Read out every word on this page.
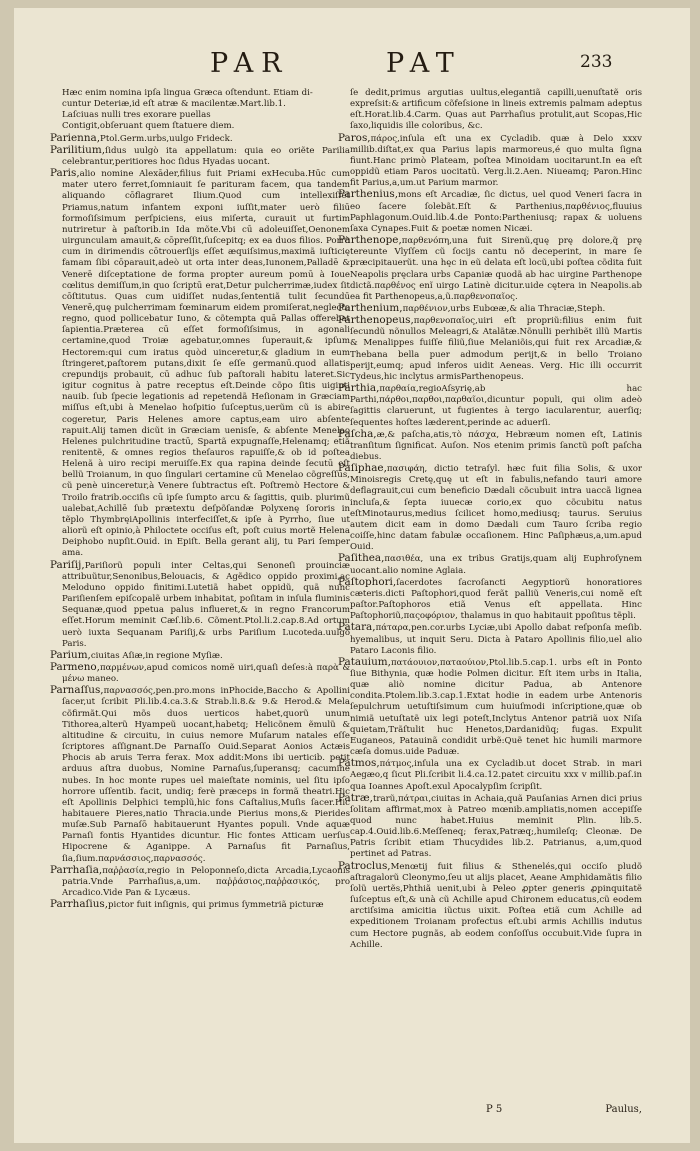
PAR	PAT	233

Hæc enim nomina ipſa lingua Græca oſtendunt. Etiam di-

cuntur Deteriæ,id eſt atræ & macilentæ.Mart.lib.1.

Laſciuas nulli tres exorare puellas

Contigit,obſeruant quem ſtatuere diem.

Parienna,Ptol.Germ.urbs,uulgo Frideck.

Parilitium,ſidus uulgò ita appellatum: quia eo oriẽte Parilia celebrantur,peritiores hoc ſidus Hyadas uocant.

Paris,alio nomine Alexāder,filius fuit Priami exHecuba.Hūc cum mater utero ferret,ſomniauit ſe parituram facem, qua tandem aliquando cōflagraret Ilium.Quod cum intellexiſſet Priamus,natum infantem exponi iuſſit,mater uerò filiū formoſiſsimum perſpiciens, eius miſerta, curauit ut furtim nutriretur à paſtorib.in Ida mõte.Vbi cū adoleuiſſet,Oenonem uirgunculam amauit,& cōpreſſit,ſuſcepitq; ex ea duos filios. Porrò cum in dirimendis cōtrouerſijs eſſet æquiſsimus,maximã iuſticię famam ſibi cōparauit,adeò ut orta inter deas,Iunonem,Palladē & Venerē diſceptatione de forma propter aureum pomū à Ioue cœlitus demiſſum,in quo ſcriptū erat,Detur pulcherrimæ,iudex ſit cōſtitutus. Quas cum uidiſſet nudas,ſententiã tulit ſecundū Venerē,quę pulcherrimam fœminarum eidem promiſerat,neglecto regno, quod pollicebatur Iuno, & cõtempta quā Pallas offerebat ſapientia.Præterea cū eſſet formoſiſsimus, in agonali certamine,quod Troiæ agebatur,omnes ſuperauit,& ipſum Hectorem:qui cum iratus quòd uinceretur,& gladium in eum ſtringeret,paſtorem putans,dixit ſe eſſe germanū.quod allatis crepundijs probauit, cū adhuc ſub paſtorali habitu lateret.Sic igitur cognitus à patre receptus eſt.Deinde cõpo ſitis uiginti nauib. ſub ſpecie legationis ad repetendã Heſionam in Græciam miſſus eſt,ubi à Menelao hoſpitio ſuſceptus,uerũm cũ is abire cogeretur, Paris Helenes amore captus,eam uiro abſente rapuit.Alij tamen dicũt in Græciam uenisſe, & abſente Menelao Helenes pulchritudine tractū, Spartã expugnaſſe,Helenamq; etiã renitentẽ, & omnes regios theſauros rapuiſſe,& ob id poſtea Helenã à uiro recipi meruiſſe.Ex qua rapina deinde ſecutū eſt bellũ Troianum, in quo ſingulari certamine cū Menelao cõgreſſus, cũ penè uinceretur,à Venere ſubtractus eſt. Poſtremò Hectore & Troilo fratrib.occiſis cū ipſe ſumpto arcu & ſagittis, quib. plurimũ ualebat,Achillē ſub prætextu deſpõſandæ Polyxenę ſororis in tẽplo ThymbręiApollinis interfeciſſet,& ipſe à Pyrrho, ſiue ut aliorũ eſt opinio,à Philoctete occiſus eſt, poſt cuius mortẽ Helena Deiphobo nupſit.Ouid. in Epiſt. Bella gerant alij, tu Pari ſemper ama.

Pariſij,Pariſiorũ populi inter Celtas,qui Senoneſi prouinciæ attribuũtur,Senonibus,Belouacis, & Agẽdico oppido proximi,ac Meloduno oppido finitimi.Lutetiã habet oppidũ, quã nunc Pariſienſem epiſcopalẽ urbem inhabitat, poſitam in inſula fluminis Sequanæ,quod ppetua palus influeret,& in regno Francorum eſſet.Horum meminit Cæſ.lib.6. Cõment.Ptol.li.2.cap.8.Ad ortum uerò iuxta Sequanam Pariſij,& urbs Pariſium Lucoteda.uulgò Paris.

Parium,ciuitas Aſiæ,in regione Myſiæ.

Parmeno,παρμένων,apud comicos nomẽ uiri,quaſi deſes:à παρὰ & μένω maneo.

Parnaſſus,παρνασσός,pen.pro.mons inPhocide,Baccho & Apollini ſacer,ut ſcribit Pli.lib.4.ca.3.& Strab.li.8.& 9.& Herod.& Mela cõfirmãt.Qui mõs duos uerticos habet,quorũ unum Tithorea,alterũ Hyampeũ uocant,habetq; Helicõnem ẽmulũ & altitudine & circuitu, in cuius nemore Muſarum natales eſſe ſcriptores aſſignant.De Parnaſſo Ouid.Separat Aonios Actæis Phocis ab aruis Terra ferax. Mox addit:Mons ibi uerticib. petit arduus aſtra duobus, Nomine Parnaſus,ſuperansq; cacumine nubes. In hoc monte rupes uel maieſtate nominis, uel ſitu ipſo horrore uſſentib. facit, undiq; ferè præceps in formã theatri.Hic eſt Apollinis Delphici templũ,hic fons Caſtalius,Muſis ſacer.Hic habitauere Pieres,natio Thracia.unde Pierius mons,& Pierides muſæ.Sub Parnaſō habitauerunt Hyantes populi. Vnde aquæ Parnaſi fontis Hyantides dicuntur. Hic fontes Atticam uerſus Hipocrene & Aganippe. A Parnaſus fit Parnaſius, ſia,ſium.παρνάσσιος,παρνασσός.

Parrhaſia,παῤῥασία,regio in Peloponneſo,dicta Arcadia,Lycaonis patria.Vnde Parrhaſius,a,um. παῤῥάσιος,παῤῥασικός, pro Arcadico.Vide Pan & Lycæus.

Parrhaſius,pictor fuit inſignis, qui primus ſymmetriã picturæ

ſe dedit,primus argutias uultus,elegantiã capilli,uenuſtatẽ oris expreſsit:& artificum cõfeſsione in lineis extremis palmam adeptus eſt.Horat.lib.4.Carm. Quas aut Parrhaſius protulit,aut Scopas,Hic ſaxo,liquidis ille coloribus, &c.

Paros,πάρος,inſula eſt una ex Cycladib. quæ à Delo xxxv millib.diſtat,ex qua Parius lapis marmoreus,é quo multa ſigna fiunt.Hanc primò Plateam, poſtea Minoidam uocitarunt.In ea eſt oppidũ etiam Paros uocitatũ. Verg.li.2.Aen. Niueamq; Paron.Hinc fit Parius,a,um.ut Parium marmor.

Parthenius,mons eſt Arcadiæ, ſic dictus, uel quod Veneri ſacra in eo ſacere ſolebãt.Eſt & Parthenius,παρθένιος,fluuius Paphlagonum.Ouid.lib.4.de Ponto:Partheniusq; rapax & uoluens ſaxa Cynapes.Fuit & poetæ nomen Nicæi.

Parthenope,παρθενόπη,una fuit Sirenũ,quę prę dolore,q̃ prę tereunte Vlyſſem cũ ſocijs cantu nõ deceperint, in mare ſe præcipitauerũt. una hęc in eũ delata eſt locũ,ubi poſtea cõdita fuit Neapolis pręclara urbs Capaniæ quodã ab hac uirgine Parthenope dictã.παρθένος enĩ uirgo Latinè dicitur.uide cętera in Neapolis.ab ea fit Parthenopeus,a,ũ.παρθενοπαῖος.

Parthenium,παρθένιον,urbs Eubœæ,& alia Thraciæ,Steph.

Parthenopeus,παρθενοπαῖος,uiri eſt propriũ:filius enim fuit ſecundũ nõnullos Meleagri,& Atalãtæ.Nõnulli perhibẽt illũ Martis & Menalippes fuiſſe filiũ,ſiue Melaniõis,qui fuit rex Arcadiæ,& Thebana bella puer admodum perijt,& in bello Troiano perijt,eumq; apud inferos uidit Aeneas. Verg. Hic illi occurrit Tydeus,hic inclytus armisParthenopeus.

Parthia,παρθαία,regioAſsyrię,ab hac Parthi,πάρθοι,παρθοι,παρθαῖοι,dicuntur populi, qui olim adeò ſagittis claruerunt, ut fugientes à tergo iacularentur, auerſiq; ſequentes hoſtes læderent,perinde ac aduerſi.

Paſcha,æ,& paſcha,atis,τὸ πάσχα, Hebræum nomen eſt, Latinis tranſitum ſignificat. Auſon. Nos etenim primis ſanctũ poſt paſcha diebus.

Paſiphae,πασιφάη, dictio tetraſyl. hæc fuit filia Solis, & uxor Minoisregis Cretę,quę ut eſt in fabulis,nefando tauri amore deflagrauit,cui cum beneficio Dædali cõcubuit intra uaccã lignea incluſa,& ſepta iuuecæ corio,ex quo cõcubitu natus eſtMinotaurus,medius ſcilicet homo,mediusq; taurus. Seruius autem dicit eam in domo Dædali cum Tauro ſcriba regio coiſſe,hinc datam fabulæ occaſionem. Hinc Paſiphæus,a,um.apud Ouid.

Paſithea,πασιθέα, una ex tribus Gratijs,quam alij Euphroſynem uocant.alio nomine Aglaia.

Paſtophori,ſacerdotes ſacroſancti Aegyptiorũ honoratiores cæteris.dicti Paſtophori,quod ferãt palliũ Veneris,cui nomẽ eſt paſtor.Paſtophoros etiã Venus eſt appellata. Hinc Paſtophoriũ,παςοφόριον, thalamus in quo habitauit ppoſitus tẽpli.

Patara,πάταρα,pen.cor.urbs Lyciæ,ubi Apollo dabat reſponſa meſib. hyemalibus, ut inquit Seru. Dicta à Pataro Apollinis filio,uel alio Pataro Laconis filio.

Patauium,πατάουιον,παταούιον,Ptol.lib.5.cap.1. urbs eſt in Ponto ſiue Bithynia, quæ hodie Polmen dicitur. Eſt item urbs in Italia, quæ aliò nomine dicitur Padua, ab Antenore condita.Ptolem.lib.3.cap.1.Extat hodie in eadem urbe Antenoris ſepulchrum uetuſtiſsimum cum huiuſmodi inſcriptione,quæ ob nimiã uetuſtatẽ uix legi poteſt,Inclytus Antenor patriã uox Niſa quietam,Trãſtulit huc Henetos,Dardanidũq; fugas. Expulit Euganeos, Patauinã condidit urbẽ:Quẽ tenet hic humili marmore cæſa domus.uide Paduæ.

Patmos,πάτμος,inſula una ex Cycladib.ut docet Strab. in mari Aegæo,q ſicut Pli.ſcribit li.4.ca.12.patet circuitu xxx v millib.paſ.in qua Ioannes Apoſt.exul Apocalypſim ſcripſit.

Patræ,trarũ,πάτραι,ciuitas in Achaia,quã Pauſanias Arnen dici prius ſolitam affirmat,mox à Patreo mœnib.ampliatis,nomen accepiſſe quod nunc habet.Huius meminit Plin. lib.5. cap.4.Ouid.lib.6.Meſſeneq; ferax,Patræq;,humileſq; Cleonæ. De Patris ſcribit etiam Thucydides lib.2. Patrianus, a,um,quod pertinet ad Patras.

Patroclus,Menœtij fuit filius & Sthenelés,qui occiſo pludõ aſtragalorũ Cleonymo,ſeu ut alijs placet, Aeane Amphidamãtis filio ſolũ uertẽs,Phthiã uenit,ubi à Peleo ꝓpter generis ꝓpinquitatẽ ſuſceptus eſt,& unà cũ Achille apud Chironem educatus,cũ eodem arctiſsima amicitia iũctus uixit. Poſtea etiã cum Achille ad expeditionem Troianam profectus eſt.ubi armis Achillis indutus cum Hectore pugnãs, ab eodem conſoſſus occubuit.Vide ſupra in Achille.

P 5	Paulus,
